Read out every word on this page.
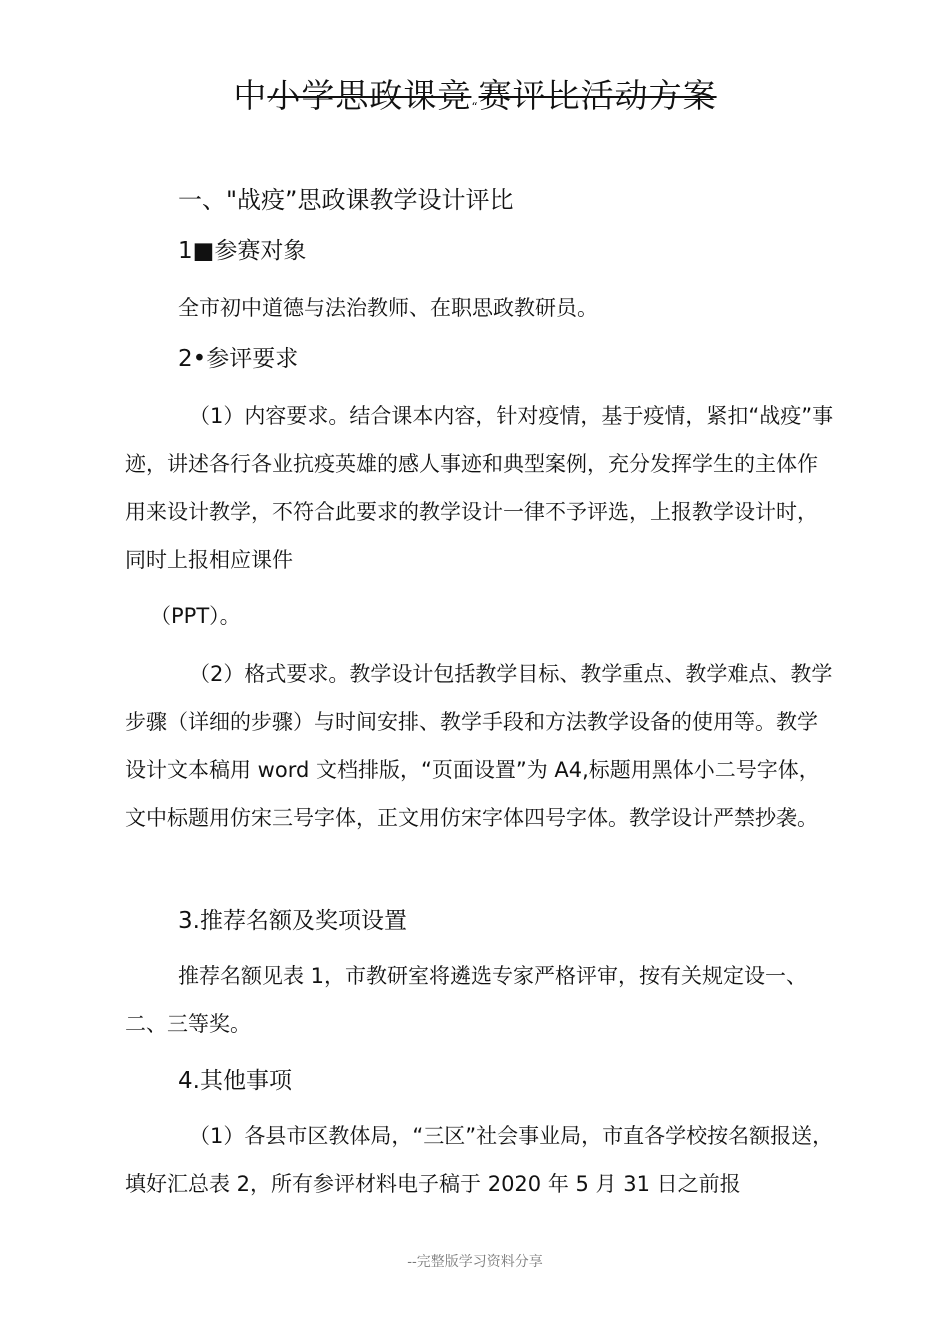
中小学思政课竞“赛评比活动方案
一、"战疫”思政课教学设计评比
1■参赛对象
全市初中道德与法治教师、在职思政教研员。
2•参评要求
（1）内容要求。结合课本内容，针对疫情，基于疫情，紧扣“战疫”事迹，讲述各行各业抗疫英雄的感人事迹和典型案例，充分发挥学生的主体作用来设计教学，不符合此要求的教学设计一律不予评选，上报教学设计时，同时上报相应课件
（PPT）。
（2）格式要求。教学设计包括教学目标、教学重点、教学难点、教学步骤（详细的步骤）与时间安排、教学手段和方法教学设备的使用等。教学设计文本稿用 word 文档排版，“页面设置”为 A4,标题用黑体小二号字体，文中标题用仿宋三号字体，正文用仿宋字体四号字体。教学设计严禁抄袭。
3.推荐名额及奖项设置
推荐名额见表 1，市教研室将遴选专家严格评审，按有关规定设一、二、三等奖。
4.其他事项
（1）各县市区教体局，“三区”社会事业局，市直各学校按名额报送，填好汇总表 2，所有参评材料电子稿于 2020 年 5 月 31 日之前报
--完整版学习资料分享
